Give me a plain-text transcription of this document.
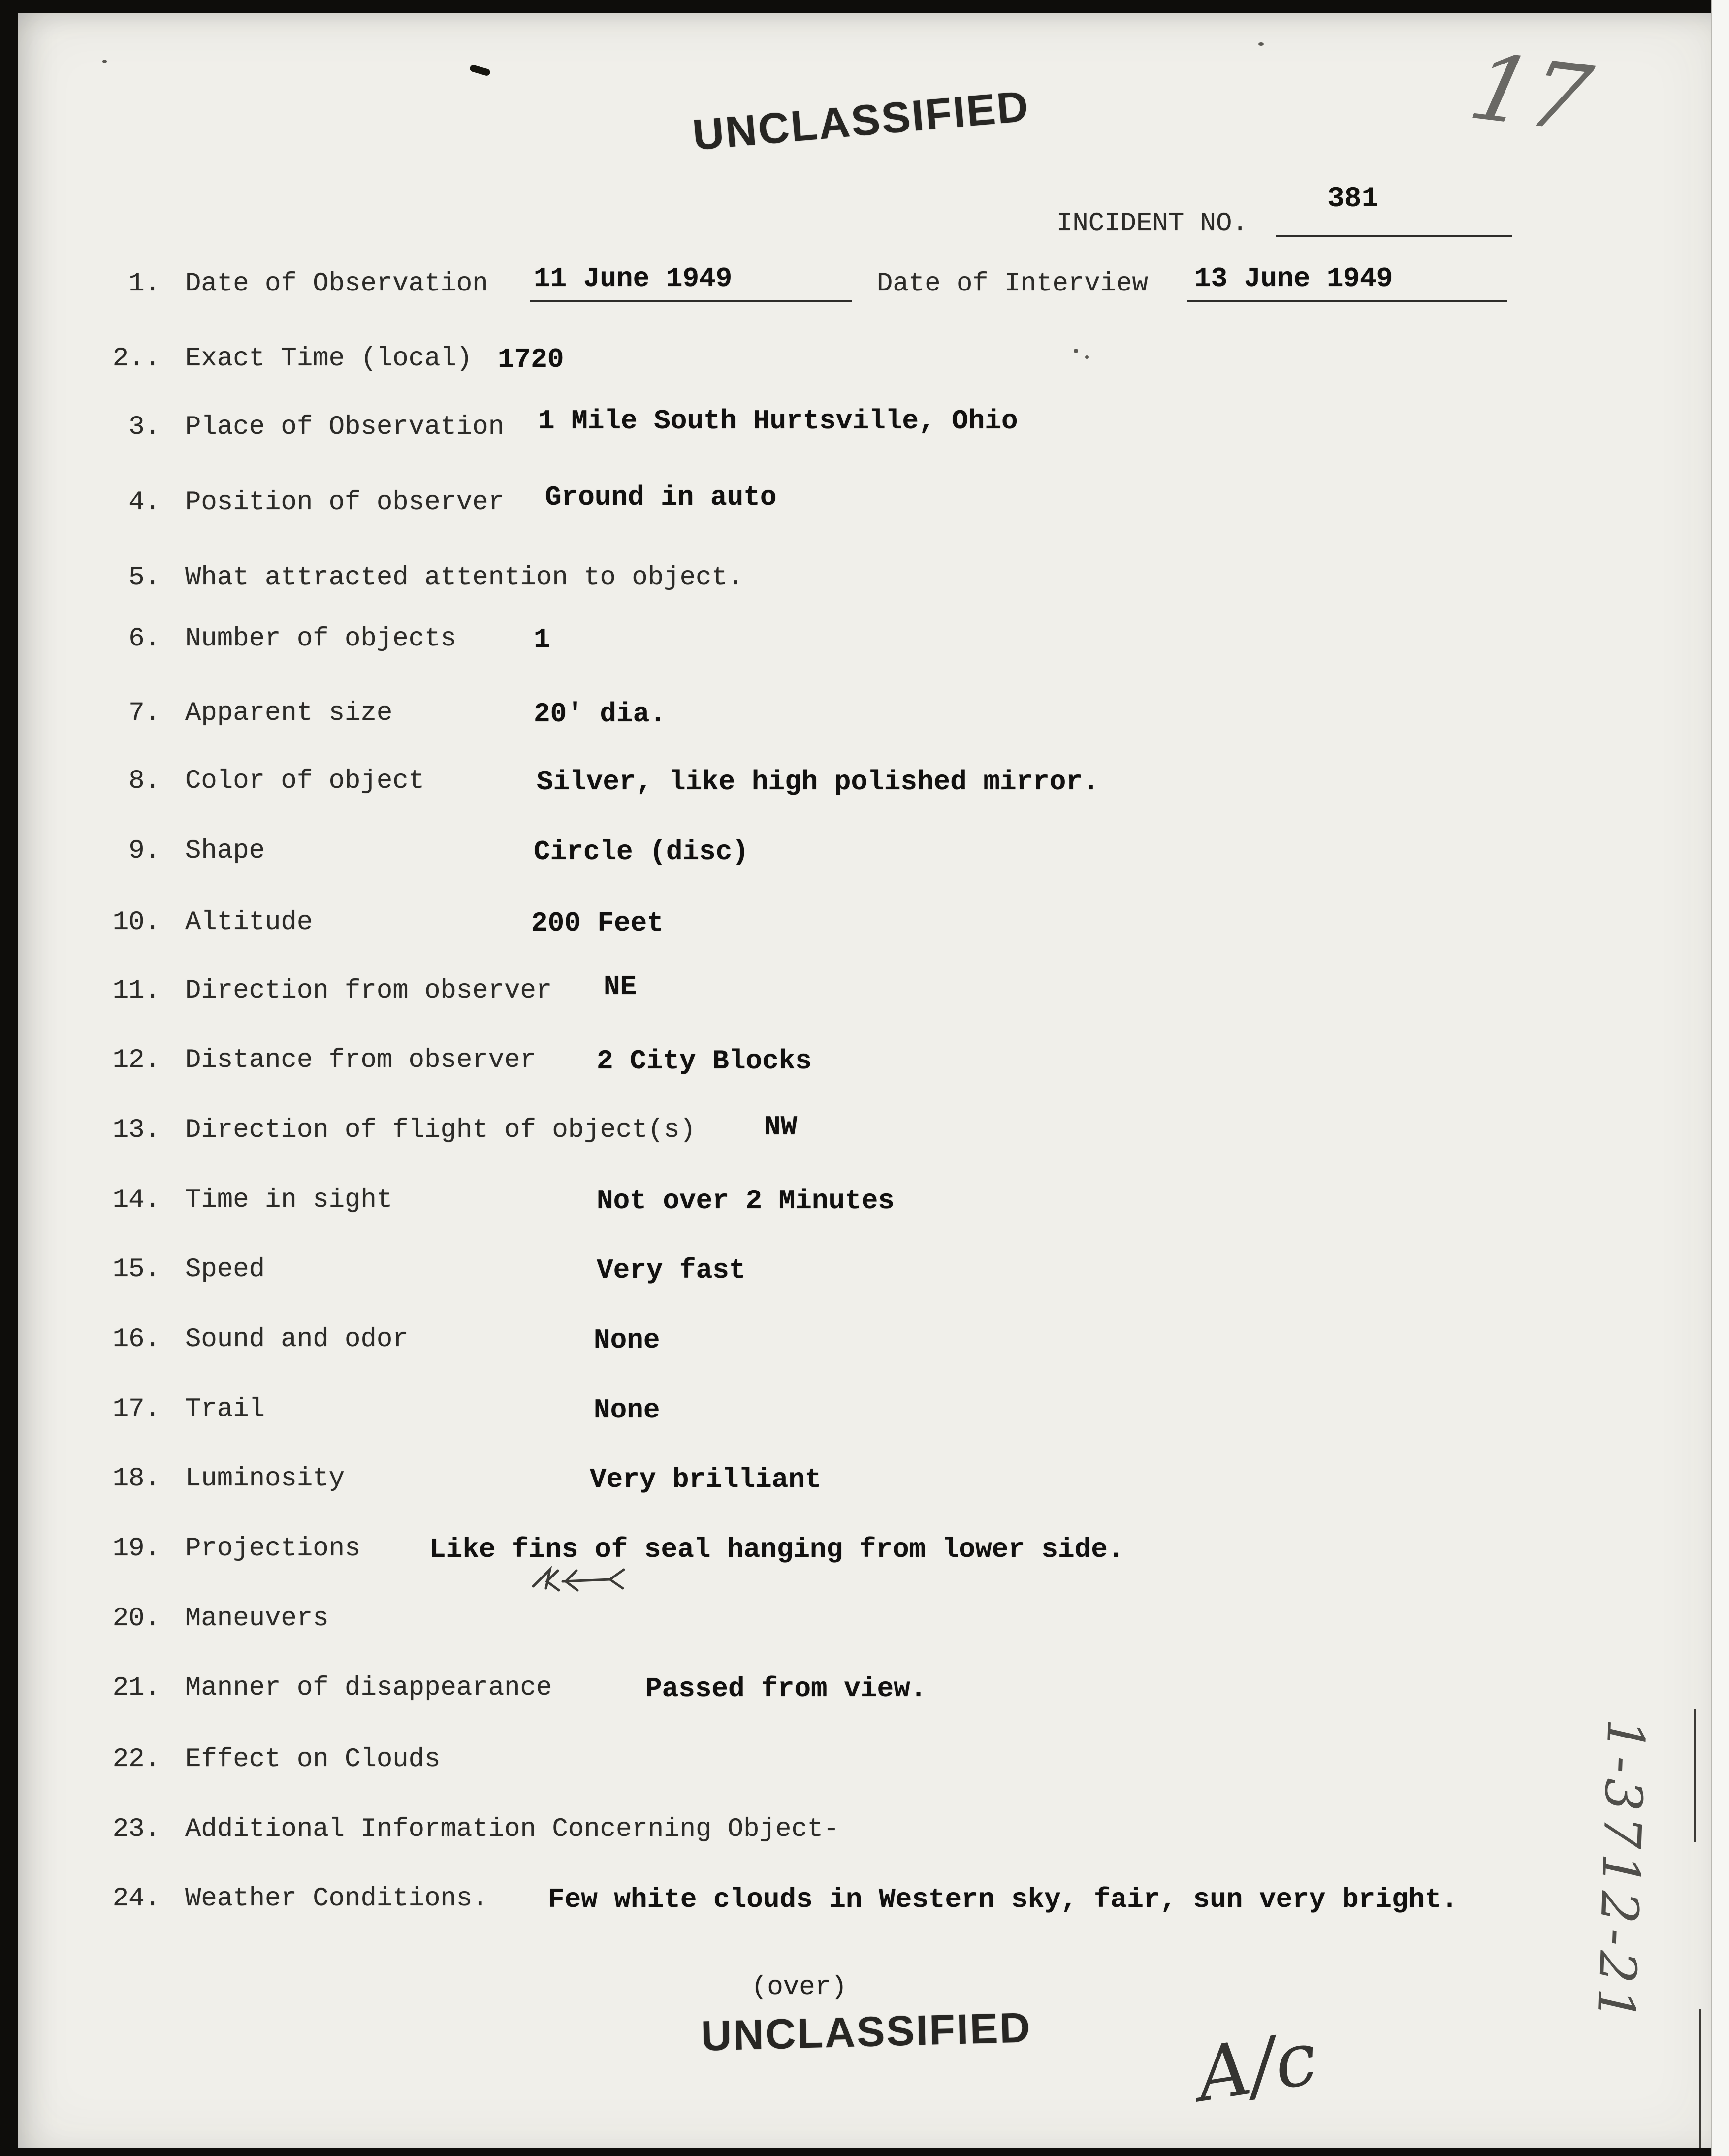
UNCLASSIFIED	17
INCIDENT NO.
381
1. Date of Observation 11 June 1949	Date of Interview 13 June 1949
2.. Exact Time (local) 1720
3. Place of Observation 1 Mile South Hurtsville, Ohio
4. Position of observer Ground in auto
5. What attracted attention to object.
6. Number of objects	1
7. Apparent size	20' dia.
8. Color of object	Silver, like high polished mirror.
9. Shape	Circle (disc)
10. Altitude	200 Feet
11. Direction from observer NE
12. Distance from observer 2 City Blocks
13. Direction of flight of object(s) NW
14. Time in sight	Not over 2 Minutes
15. Speed	Very fast
16. Sound and odor	None
17. Trail	None
18. Luminosity	Very brilliant
19. Projections Like fins of seal hanging from lower side.
20. Maneuvers
21. Manner of disappearance	Passed from view.
22. Effect on Clouds
23. Additional Information Concerning Object-
24. Weather Conditions. Few white clouds in Western sky, fair, sun very bright.
(over)
UNCLASSIFIED A/c
1-3712-21
